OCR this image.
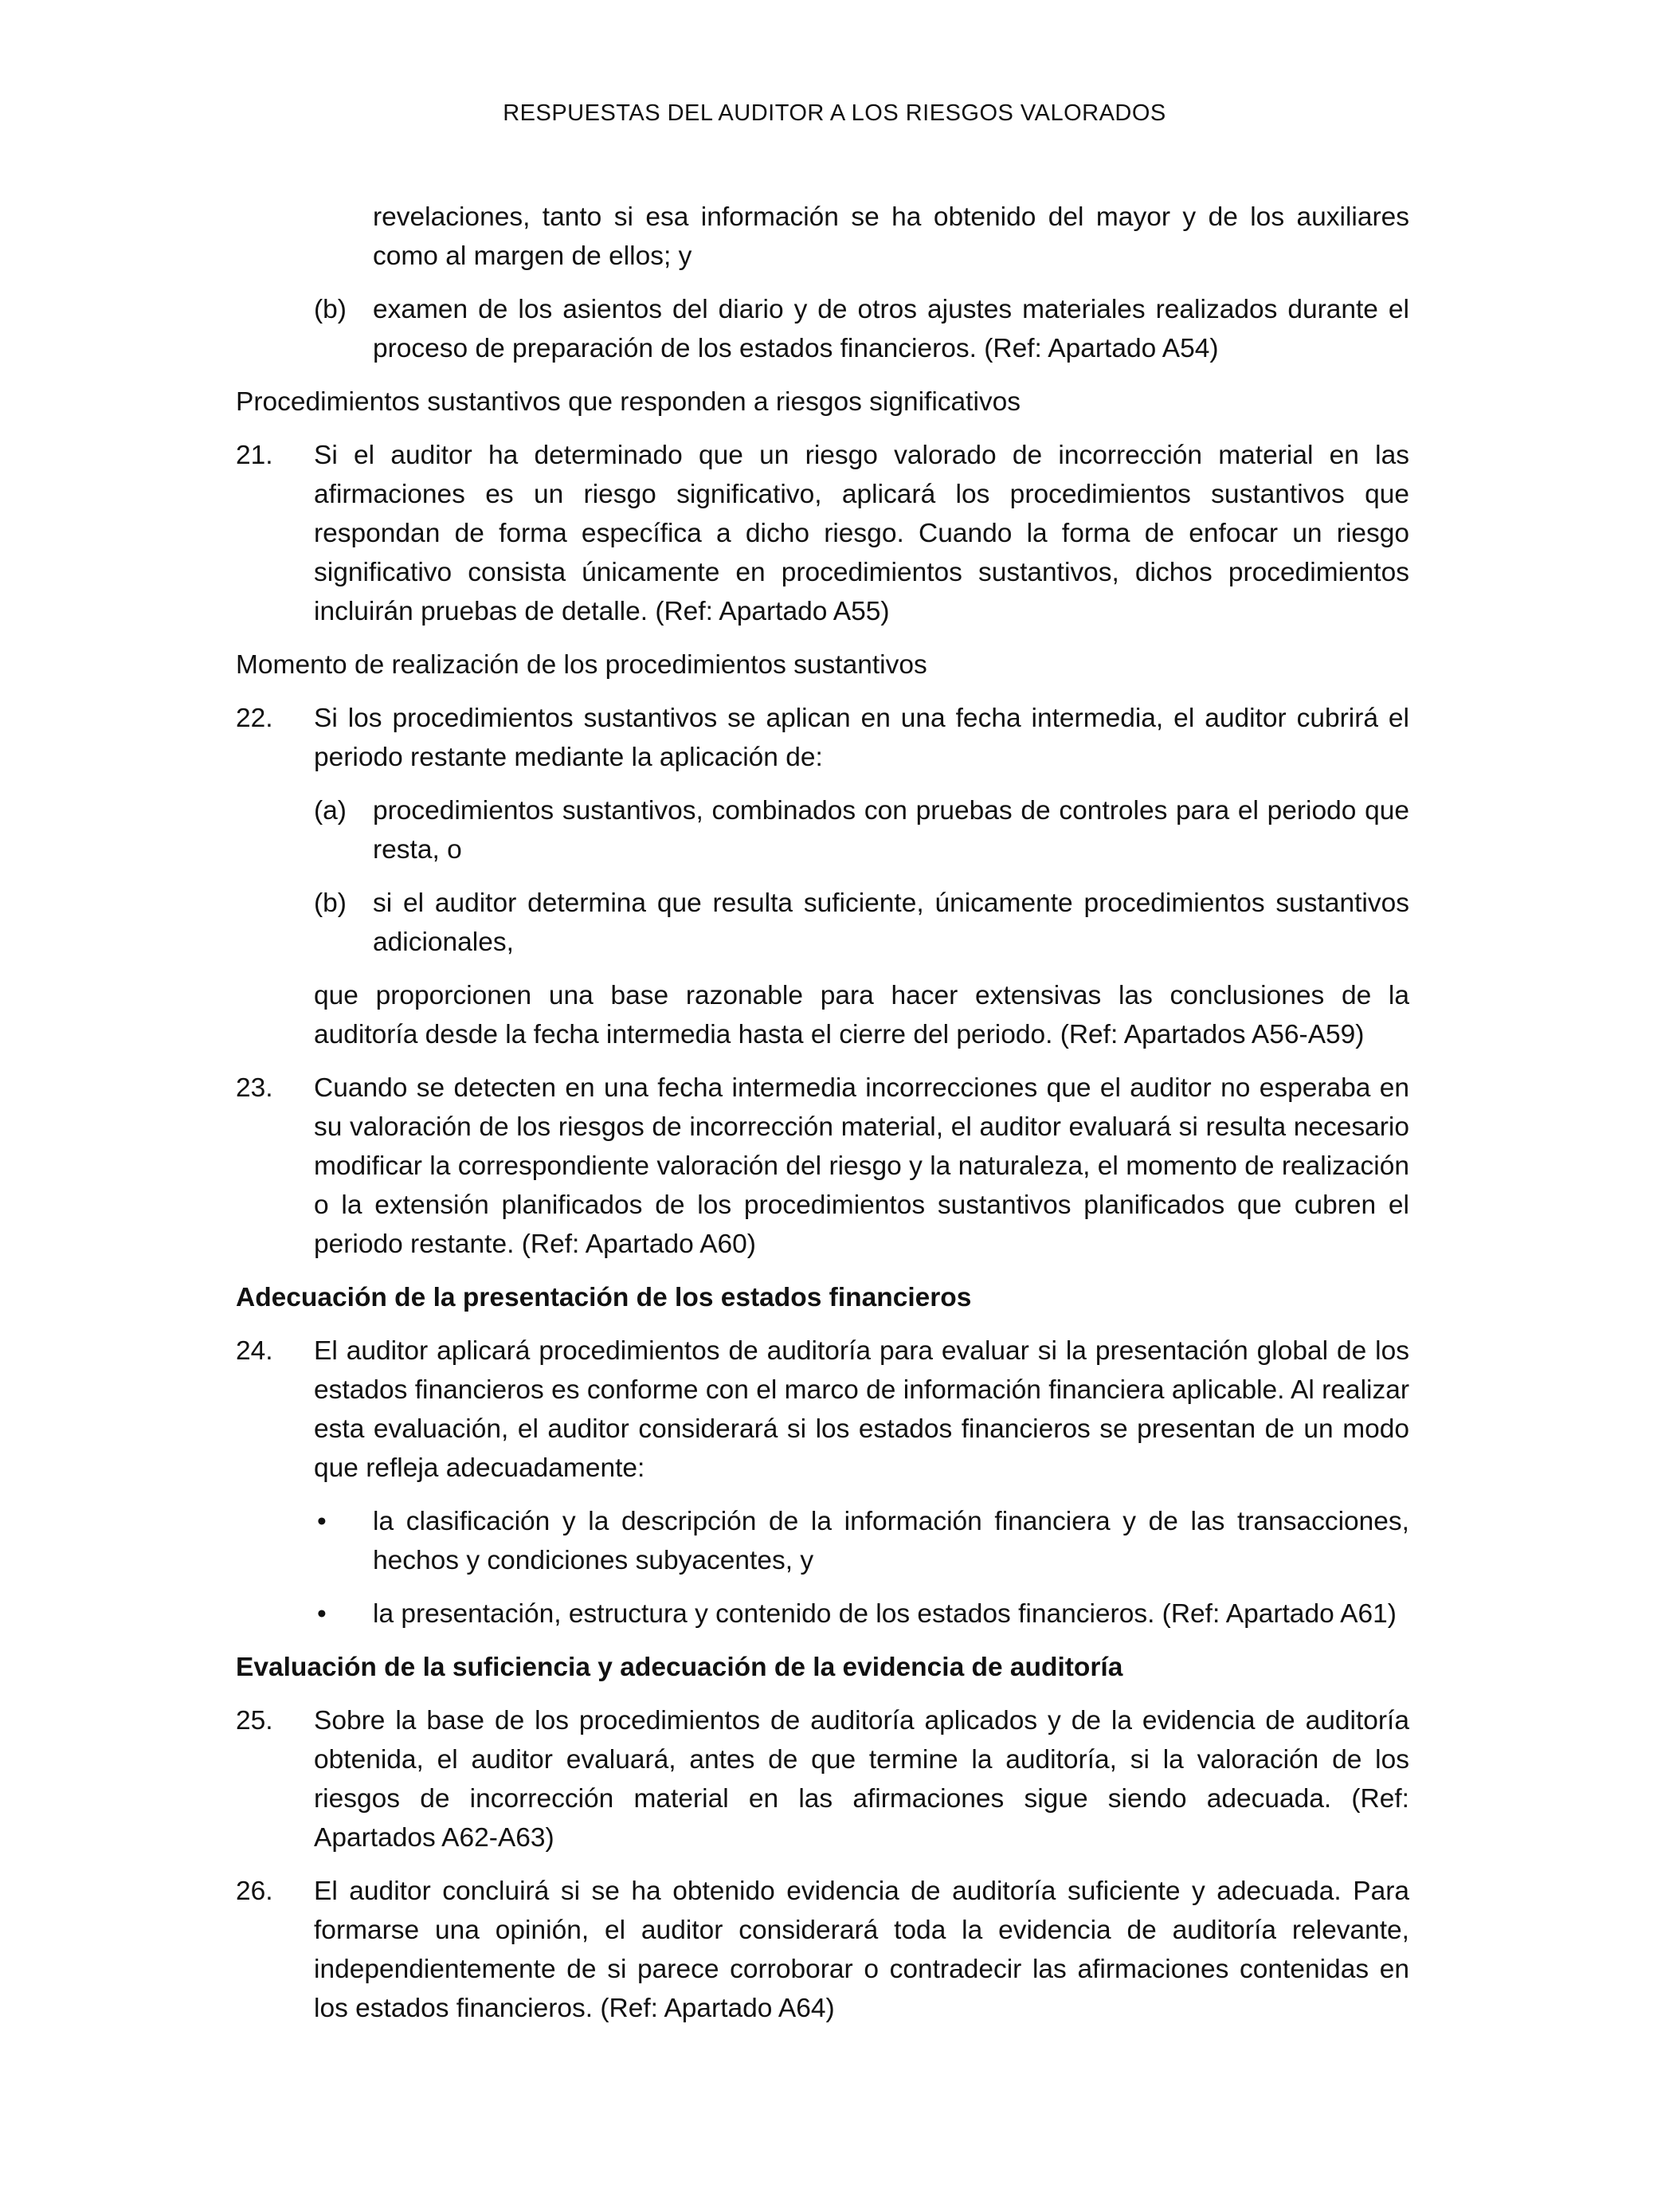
RESPUESTAS DEL AUDITOR A LOS RIESGOS VALORADOS

revelaciones, tanto si esa información se ha obtenido del mayor y de los auxiliares como al margen de ellos; y

(b) examen de los asientos del diario y de otros ajustes materiales realizados durante el proceso de preparación de los estados financieros. (Ref: Apartado A54)

Procedimientos sustantivos que responden a riesgos significativos

21. Si el auditor ha determinado que un riesgo valorado de incorrección material en las afirmaciones es un riesgo significativo, aplicará los procedimientos sustantivos que respondan de forma específica a dicho riesgo. Cuando la forma de enfocar un riesgo significativo consista únicamente en procedimientos sustantivos, dichos procedimientos incluirán pruebas de detalle. (Ref: Apartado A55)

Momento de realización de los procedimientos sustantivos

22. Si los procedimientos sustantivos se aplican en una fecha intermedia, el auditor cubrirá el periodo restante mediante la aplicación de:
(a) procedimientos sustantivos, combinados con pruebas de controles para el periodo que resta, o
(b) si el auditor determina que resulta suficiente, únicamente procedimientos sustantivos adicionales,

que proporcionen una base razonable para hacer extensivas las conclusiones de la auditoría desde la fecha intermedia hasta el cierre del periodo. (Ref: Apartados A56-A59)

23. Cuando se detecten en una fecha intermedia incorrecciones que el auditor no esperaba en su valoración de los riesgos de incorrección material, el auditor evaluará si resulta necesario modificar la correspondiente valoración del riesgo y la naturaleza, el momento de realización o la extensión planificados de los procedimientos sustantivos planificados que cubren el periodo restante. (Ref: Apartado A60)

Adecuación de la presentación de los estados financieros

24. El auditor aplicará procedimientos de auditoría para evaluar si la presentación global de los estados financieros es conforme con el marco de información financiera aplicable. Al realizar esta evaluación, el auditor considerará si los estados financieros se presentan de un modo que refleja adecuadamente:
• la clasificación y la descripción de la información financiera y de las transacciones, hechos y condiciones subyacentes, y
• la presentación, estructura y contenido de los estados financieros. (Ref: Apartado A61)

Evaluación de la suficiencia y adecuación de la evidencia de auditoría

25. Sobre la base de los procedimientos de auditoría aplicados y de la evidencia de auditoría obtenida, el auditor evaluará, antes de que termine la auditoría, si la valoración de los riesgos de incorrección material en las afirmaciones sigue siendo adecuada. (Ref: Apartados A62-A63)
26. El auditor concluirá si se ha obtenido evidencia de auditoría suficiente y adecuada. Para formarse una opinión, el auditor considerará toda la evidencia de auditoría relevante, independientemente de si parece corroborar o contradecir las afirmaciones contenidas en los estados financieros. (Ref: Apartado A64)
